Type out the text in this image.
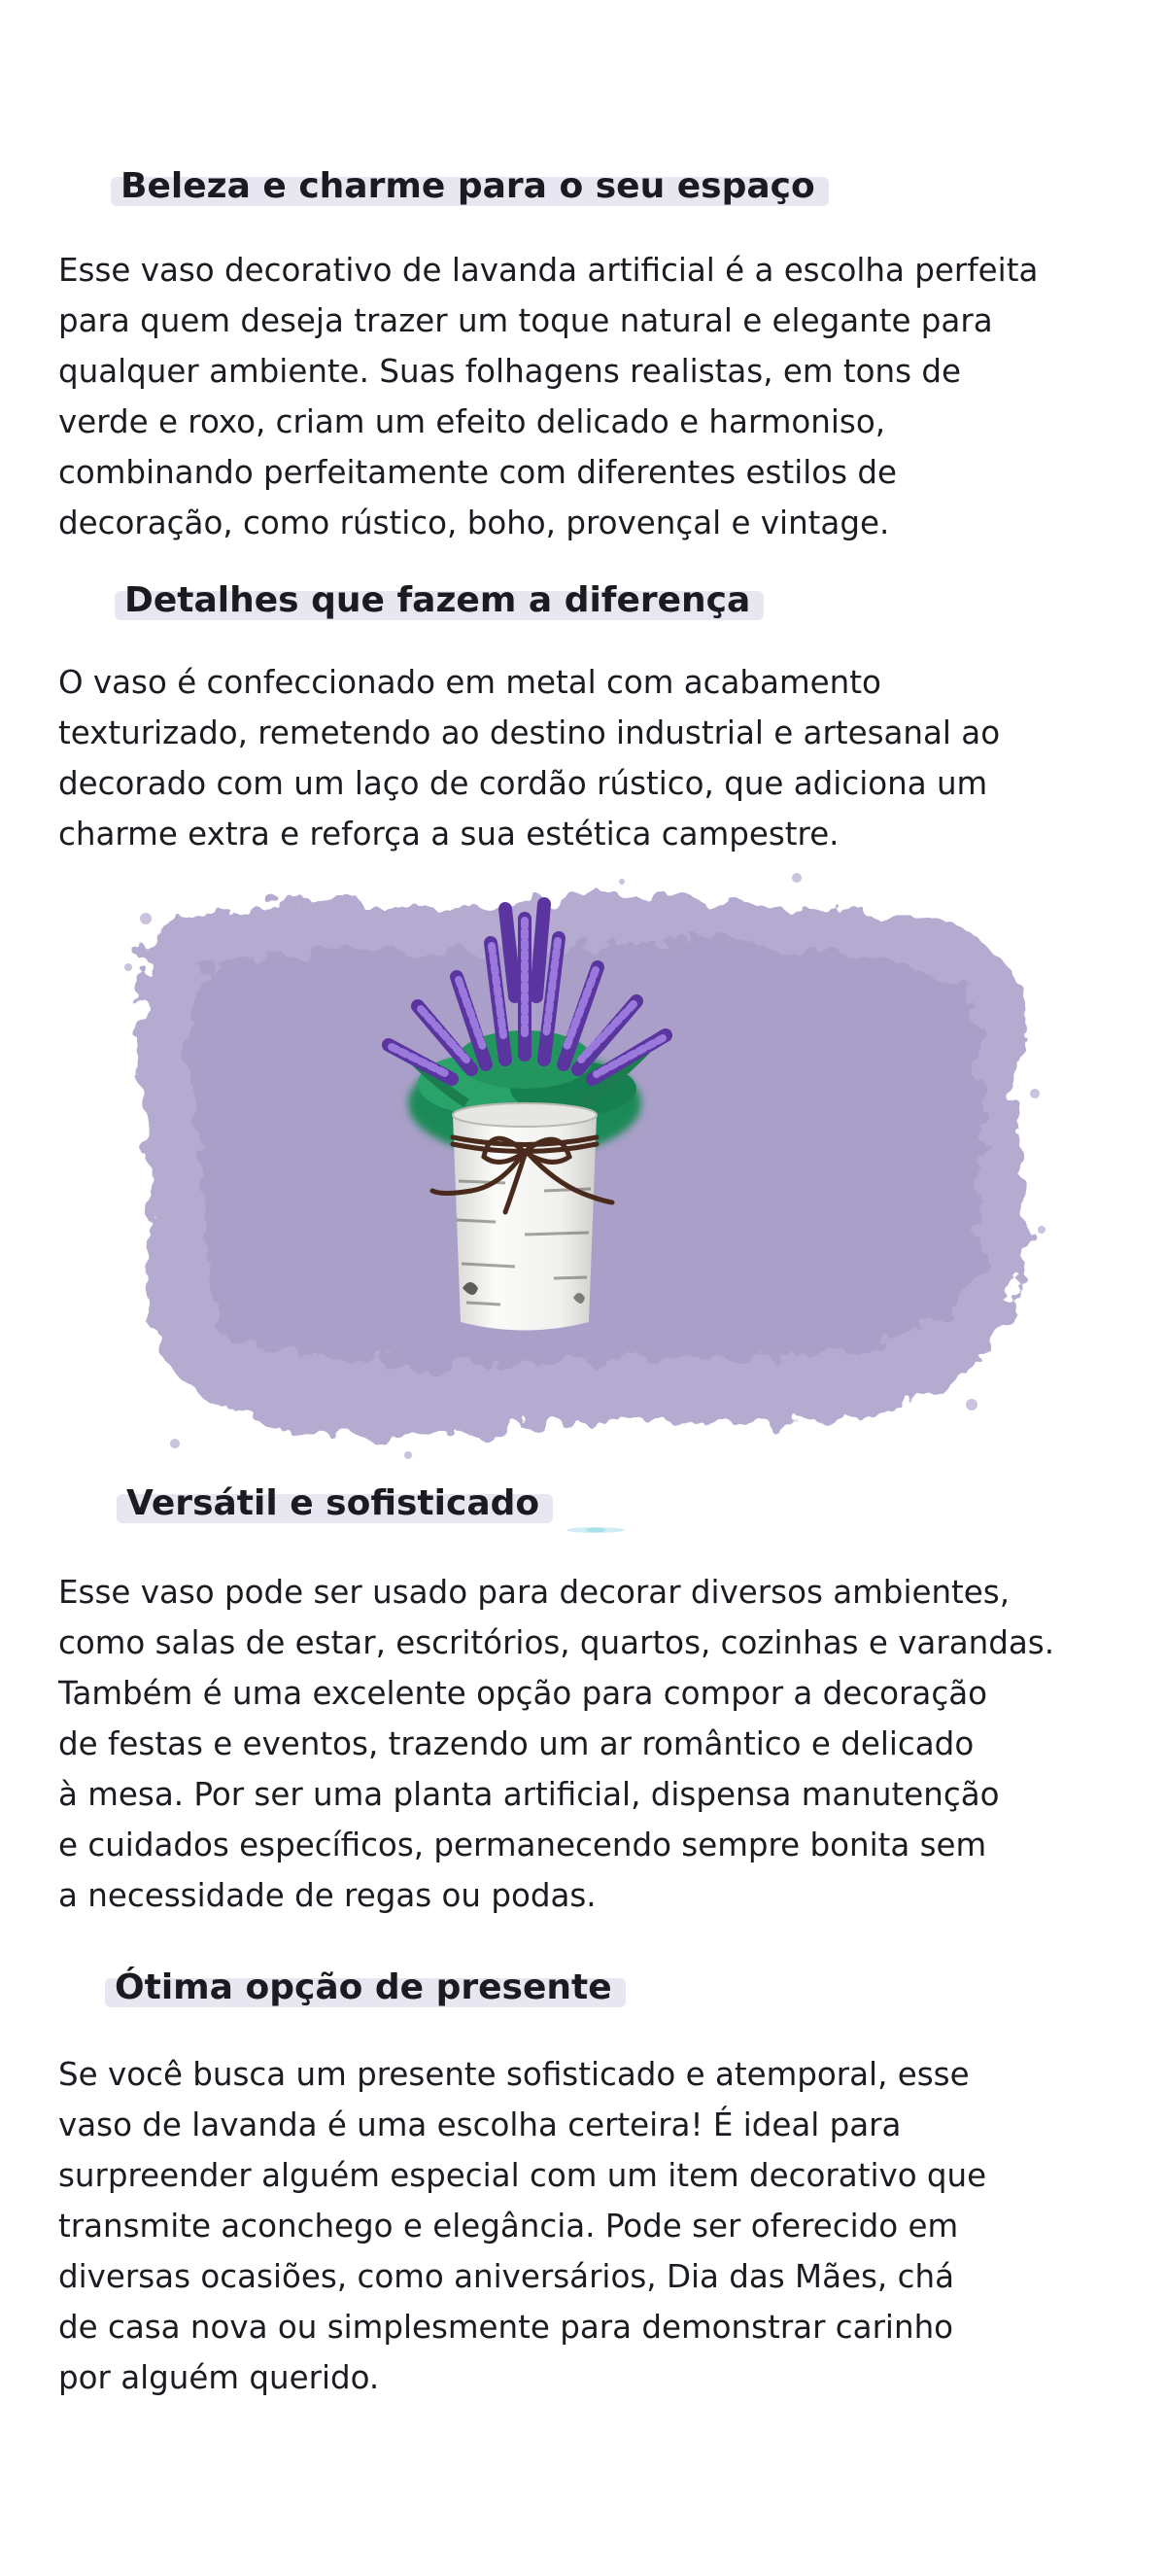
Beleza e charme para o seu espaço
Esse vaso decorativo de lavanda artificial é a escolha perfeita
para quem deseja trazer um toque natural e elegante para
qualquer ambiente. Suas folhagens realistas, em tons de
verde e roxo, criam um efeito delicado e harmoniso,
combinando perfeitamente com diferentes estilos de
decoração, como rústico, boho, provençal e vintage.
Detalhes que fazem a diferença
O vaso é confeccionado em metal com acabamento
texturizado, remetendo ao destino industrial e artesanal ao
decorado com um laço de cordão rústico, que adiciona um
charme extra e reforça a sua estética campestre.
Versátil e sofisticado
Esse vaso pode ser usado para decorar diversos ambientes,
como salas de estar, escritórios, quartos, cozinhas e varandas.
Também é uma excelente opção para compor a decoração
de festas e eventos, trazendo um ar romântico e delicado
à mesa. Por ser uma planta artificial, dispensa manutenção
e cuidados específicos, permanecendo sempre bonita sem
a necessidade de regas ou podas.
Ótima opção de presente
Se você busca um presente sofisticado e atemporal, esse
vaso de lavanda é uma escolha certeira! É ideal para
surpreender alguém especial com um item decorativo que
transmite aconchego e elegância. Pode ser oferecido em
diversas ocasiões, como aniversários, Dia das Mães, chá
de casa nova ou simplesmente para demonstrar carinho
por alguém querido.
